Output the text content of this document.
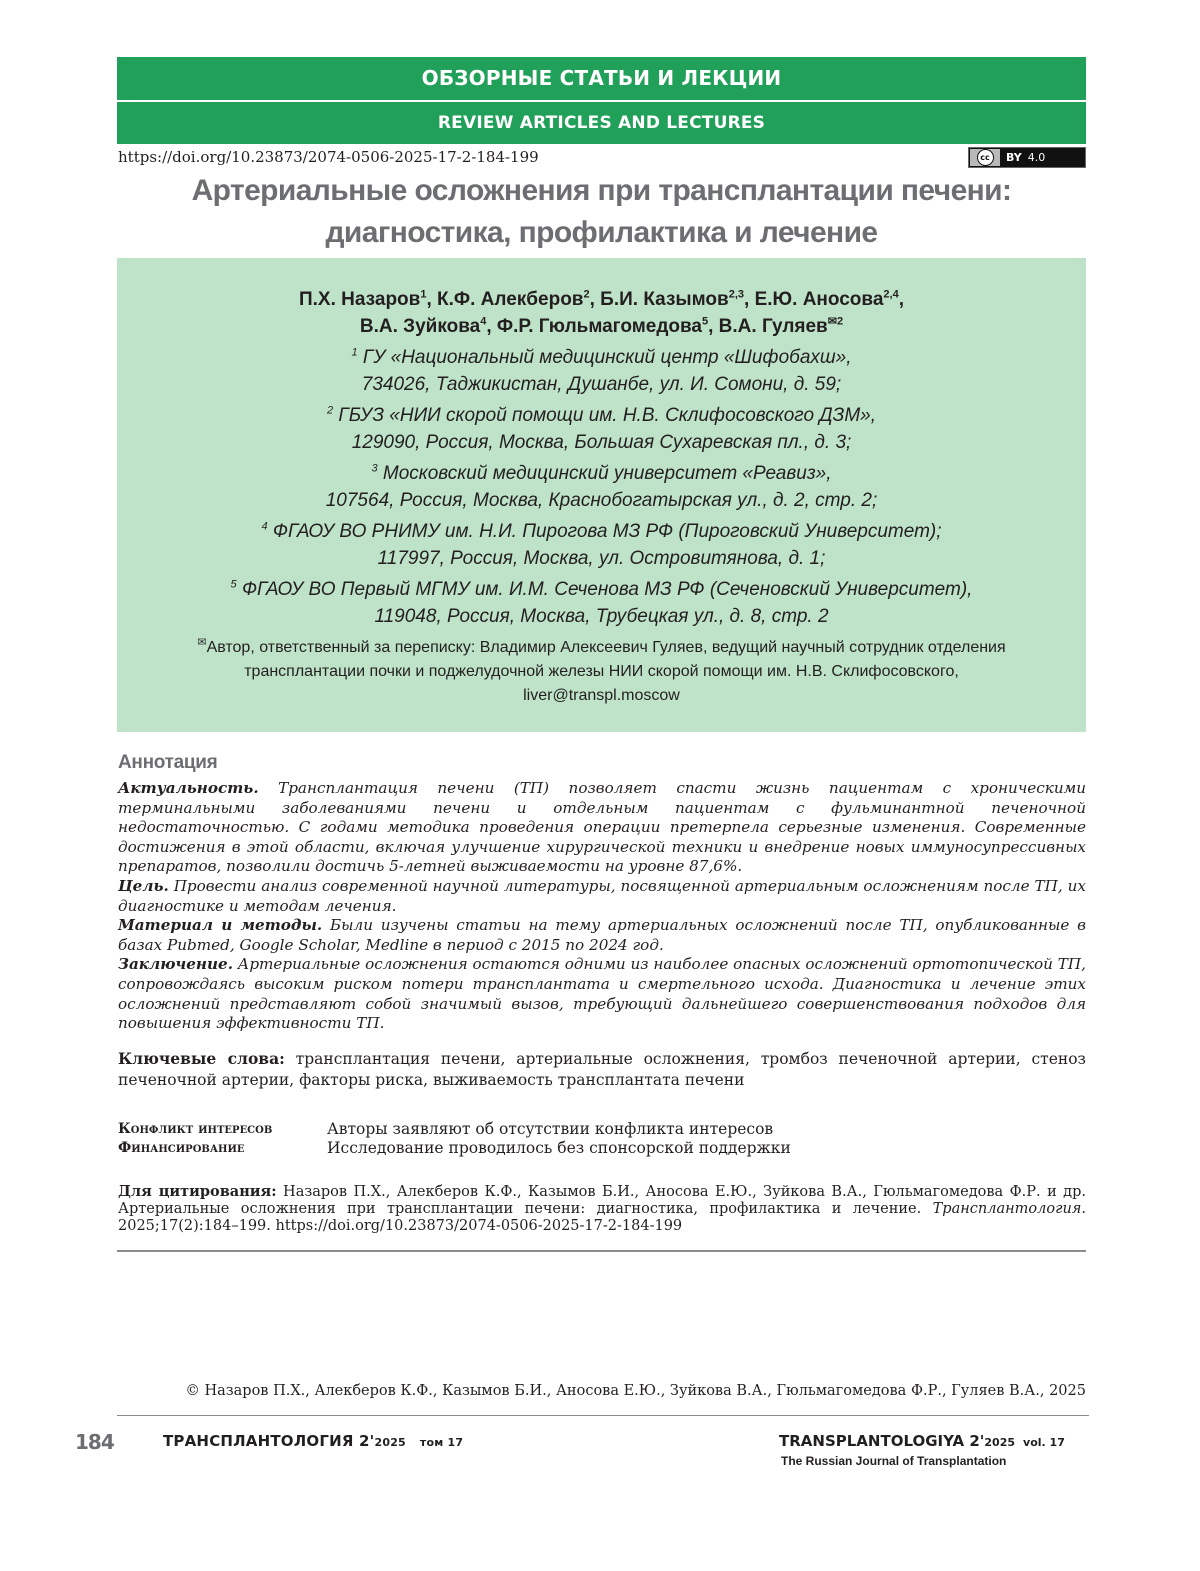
ОБЗОРНЫЕ СТАТЬИ И ЛЕКЦИИ
REVIEW ARTICLES AND LECTURES
https://doi.org/10.23873/2074-0506-2025-17-2-184-199	cc	BY 4.0
Артериальные осложнения при трансплантации печени:
диагностика, профилактика и лечение
П.Х. Назаров$^1$, К.Ф. Алекберов$^2$, Б.И. Казымов$^{2,3}$, Е.Ю. Аносова$^{2,4}$,
В.А. Зуйкова$^4$, Ф.Р. Гюльмагомедова$^5$, В.А. Гуляев$^{✉2}$

$^1$ ГУ «Национальный медицинский центр «Шифобахш»,

734026, Таджикистан, Душанбе, ул. И. Сомони, д. 59;

$^2$ ГБУЗ «НИИ скорой помощи им. Н.В. Склифосовского ДЗМ»,

129090, Россия, Москва, Большая Сухаревская пл., д. 3;

$^3$ Московский медицинский университет «Реавиз»,

107564, Россия, Москва, Краснобогатырская ул., д. 2, стр. 2;

$^4$ ФГАОУ ВО РНИМУ им. Н.И. Пирогова МЗ РФ (Пироговский Университет);

117997, Россия, Москва, ул. Островитянова, д. 1;

$^5$ ФГАОУ ВО Первый МГМУ им. И.М. Сеченова МЗ РФ (Сеченовский Университет),

119048, Россия, Москва, Трубецкая ул., д. 8, стр. 2

✉Автор, ответственный за переписку: Владимир Алексеевич Гуляев, ведущий научный сотрудник отделения

трансплантации почки и поджелудочной железы НИИ скорой помощи им. Н.В. Склифосовского,

liver@transpl.moscow

Аннотация

Актуальность. Трансплантация печени (ТП) позволяет спасти жизнь пациентам с хроническими терминальными заболеваниями печени и отдельным пациентам с фульминантной печеночной недостаточностью. С годами методика проведения операции претерпела серьезные изменения. Современные достижения в этой области, включая улучшение хирургической техники и внедрение новых иммуносупрессивных препаратов, позволили достичь 5-летней выживаемости на уровне 87,6%.

Цель. Провести анализ современной научной литературы, посвященной артериальным осложнениям после ТП, их диагностике и методам лечения.

Материал и методы. Были изучены статьи на тему артериальных осложнений после ТП, опубликованные в базах Pubmed, Google Scholar, Medline в период с 2015 по 2024 год.

Заключение. Артериальные осложнения остаются одними из наиболее опасных осложнений ортотопической ТП, сопровождаясь высоким риском потери трансплантата и смертельного исхода. Диагностика и лечение этих осложнений представляют собой значимый вызов, требующий дальнейшего совершенствования подходов для повышения эффективности ТП.

Ключевые слова: трансплантация печени, артериальные осложнения, тромбоз печеночной артерии, стеноз печеночной артерии, факторы риска, выживаемость трансплантата печени
Конфликт интересов	Авторы заявляют об отсутствии конфликта интересов
Финансирование	Исследование проводилось без спонсорской поддержки
Для цитирования: Назаров П.Х., Алекберов К.Ф., Казымов Б.И., Аносова Е.Ю., Зуйкова В.А., Гюльмагомедова Ф.Р. и др. Артериальные осложнения при трансплантации печени: диагностика, профилактика и лечение. Трансплантология. 2025;17(2):184–199. https://doi.org/10.23873/2074-0506-2025-17-2-184-199
© Назаров П.Х., Алекберов К.Ф., Казымов Б.И., Аносова Е.Ю., Зуйкова В.А., Гюльмагомедова Ф.Р., Гуляев В.А., 2025
184	ТРАНСПЛАНТОЛОГИЯ 2'2025 том 17	TRANSPLANTOLOGIYA 2'2025 vol. 17
The Russian Journal of Transplantation
